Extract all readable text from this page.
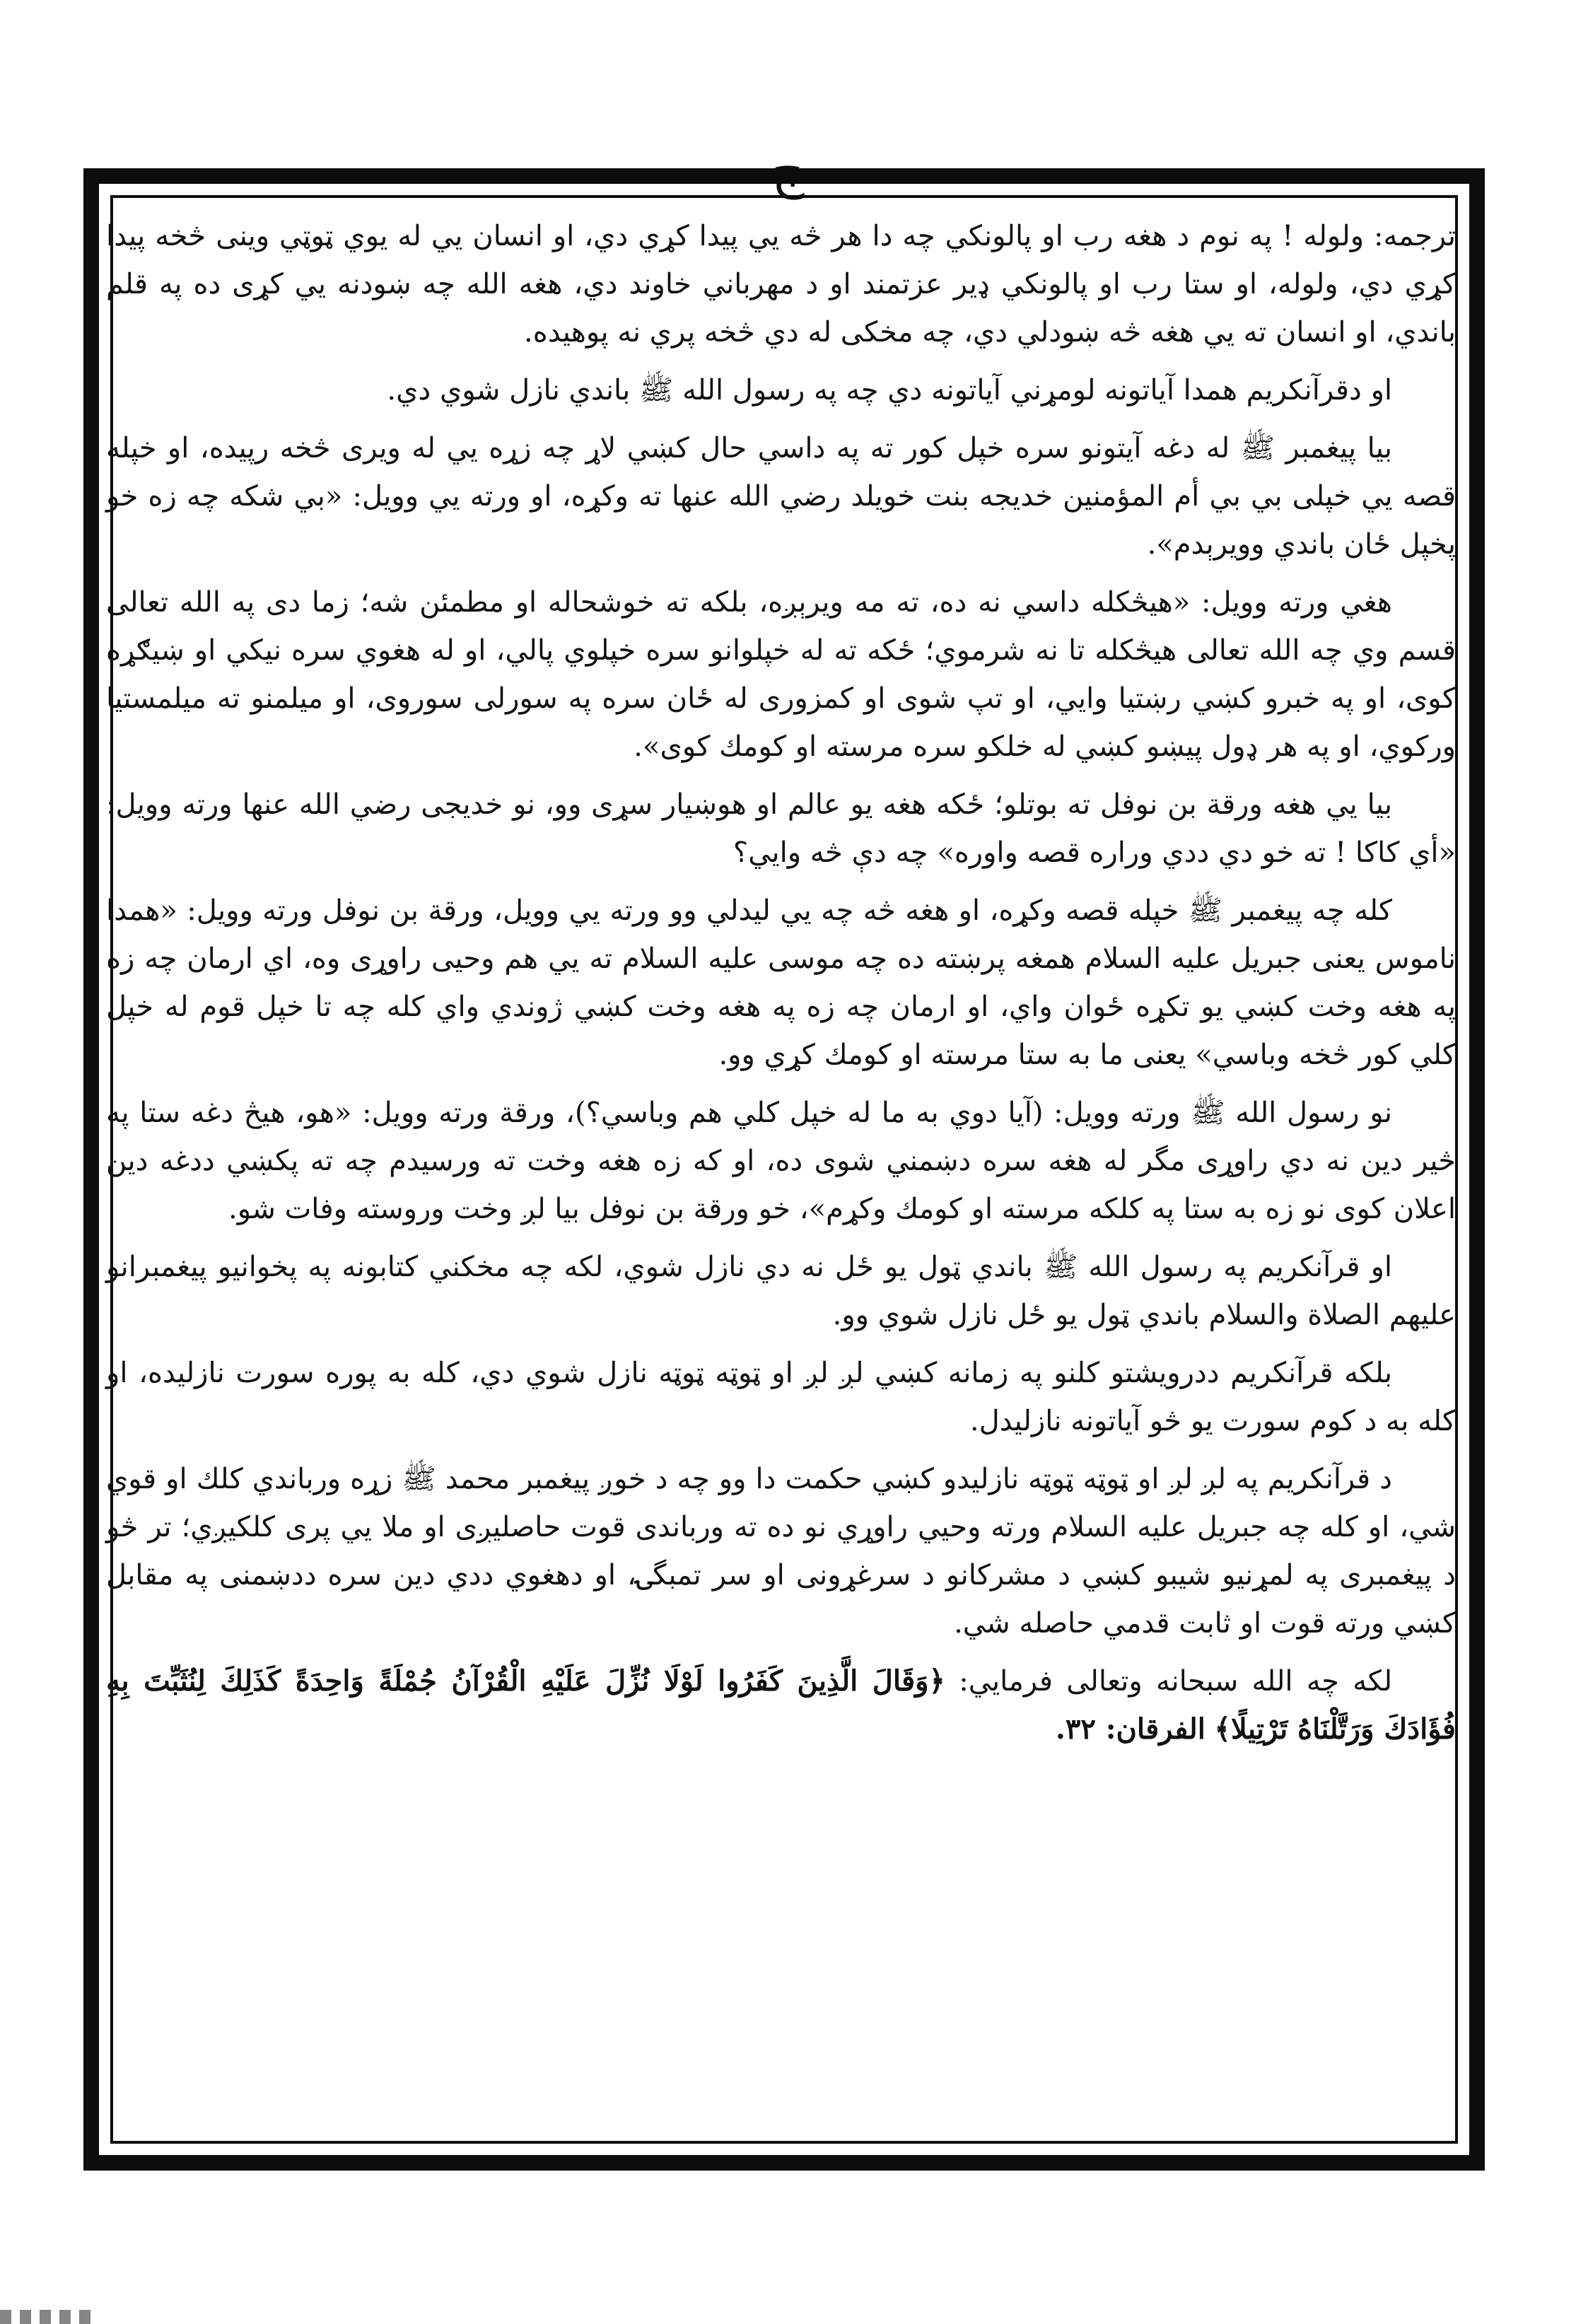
ج

ترجمه: ولوله ! په نوم د هغه رب او پالونكي چه دا هر څه يي پيدا كړي دي، او انسان يي له يوي ټوټي وينى څخه پيدا كړي دي، ولوله، او ستا رب او پالونكي ډير عزتمند او د مهرباني خاوند دي، هغه الله چه ښودنه يي كړى ده په قلم باندي، او انسان ته يي هغه څه ښودلي دي، چه مخكى له دي څخه پري نه پوهيده.

او دقرآنكريم همدا آياتونه لومړني آياتونه دي چه په رسول الله ﷺ باندي نازل شوي دي.

بيا پيغمبر ﷺ له دغه آيتونو سره خپل كور ته په داسي حال كښي لاړ چه زړه يي له ويرى څخه رپيده، او خپله قصه يي خپلى بي بي أم المؤمنين خديجه بنت خويلد رضي الله عنها ته وكړه، او ورته يي وويل: «بي شكه چه زه خو پخپل ځان باندي وويرېدم».

هغي ورته وويل: «هيڅكله داسي نه ده، ته مه ويرېږه، بلكه ته خوشحاله او مطمئن شه؛ زما دى په الله تعالى قسم وي چه الله تعالى هيڅكله تا نه شرموي؛ ځكه ته له خپلوانو سره خپلوي پالي، او له هغوي سره نيكي او ښيګړه كوى، او په خبرو كښي رښتيا وايي، او تپ شوى او كمزورى له ځان سره په سورلى سوروى، او ميلمنو ته ميلمستيا وركوي، او په هر ډول پيښو كښي له خلكو سره مرسته او كومك كوى».

بيا يي هغه ورقة بن نوفل ته بوتلو؛ ځكه هغه يو عالم او هوښيار سړى وو، نو خديجى رضي الله عنها ورته وويل: «أي كاكا ! ته خو دي ددي وراره قصه واوره» چه دې څه وايي؟

كله چه پيغمبر ﷺ خپله قصه وكړه، او هغه څه چه يي ليدلي وو ورته يي وويل، ورقة بن نوفل ورته وويل: «همدا ناموس يعنى جبريل عليه السلام همغه پرښته ده چه موسى عليه السلام ته يي هم وحيى راوړى وه، اي ارمان چه زه په هغه وخت كښي يو تكړه ځوان واي، او ارمان چه زه په هغه وخت كښي ژوندي واي كله چه تا خپل قوم له خپل كلي كور څخه وباسي» يعنى ما به ستا مرسته او كومك كړي وو.

نو رسول الله ﷺ ورته وويل: (آيا دوي به ما له خپل كلي هم وباسي؟)، ورقة ورته وويل: «هو، هيڅ دغه ستا په څير دين نه دي راوړى مگر له هغه سره دښمني شوى ده، او كه زه هغه وخت ته ورسيدم چه ته پكښي ددغه دين اعلان كوى نو زه به ستا په كلكه مرسته او كومك وكړم»، خو ورقة بن نوفل بيا لږ وخت وروسته وفات شو.

او قرآنكريم په رسول الله ﷺ باندي ټول يو ځل نه دي نازل شوي، لكه چه مخكني كتابونه په پخوانيو پيغمبرانو عليهم الصلاة والسلام باندي ټول يو ځل نازل شوي وو.

بلكه قرآنكريم ددرويشتو كلنو په زمانه كښي لږ لږ او ټوټه ټوټه نازل شوي دي، كله به پوره سورت نازليده، او كله به د كوم سورت يو څو آياتونه نازليدل.

د قرآنكريم په لږ لږ او ټوټه ټوټه نازليدو كښي حكمت دا وو چه د خوږ پيغمبر محمد ﷺ زړه ورباندي كلك او قوي شي، او كله چه جبريل عليه السلام ورته وحيي راوړي نو ده ته ورباندى قوت حاصليږى او ملا يي پرى كلكيږي؛ تر څو د پيغمبرى په لمړنيو شيبو كښي د مشركانو د سرغړونى او سر تمبگۍ، او دهغوي ددي دين سره ددښمنى په مقابل كښي ورته قوت او ثابت قدمي حاصله شي.

لكه چه الله سبحانه وتعالى فرمايي: ﴿وَقَالَ الَّذِينَ كَفَرُوا لَوْلَا نُزِّلَ عَلَيْهِ الْقُرْآنُ جُمْلَةً وَاحِدَةً كَذَلِكَ لِنُثَبِّتَ بِهِ فُؤَادَكَ وَرَتَّلْنَاهُ تَرْتِيلًا﴾ الفرقان: ٣٢.
